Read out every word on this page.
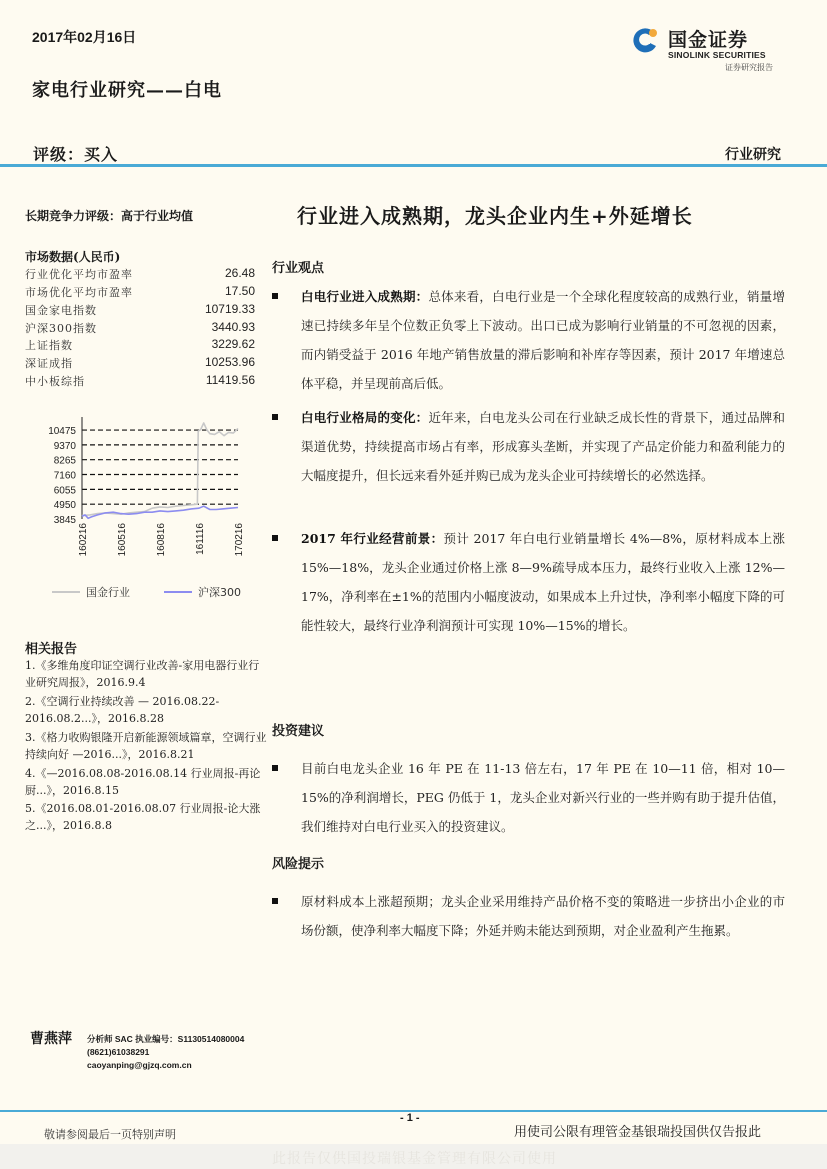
2017年02月16日
家电行业研究——白电
评级：买入	行业研究
国金证券
SINOLINK SECURITIES
证券研究报告
长期竞争力评级：高于行业均值
市场数据(人民币)
行业优化平均市盈率	26.48
市场优化平均市盈率	17.50
国金家电指数	10719.33
沪深300指数	3440.93
上证指数	3229.62
深证成指	10253.96
中小板综指	11419.56
3845
4950
6055
7160
8265
9370
10475
160216	160516	160816	161116	170216
国金行业	沪深300
相关报告
1.《多维角度印证空调行业改善-家用电器行业行业研究周报》，2016.9.4
2.《空调行业持续改善 — 2016.08.22-2016.08.2...》，2016.8.28
3.《格力收购银隆开启新能源领域篇章，空调行业持续向好 —2016...》，2016.8.21
4.《—2016.08.08-2016.08.14 行业周报-再论厨...》，2016.8.15
5.《2016.08.01-2016.08.07 行业周报-论大涨之...》，2016.8.8
行业进入成熟期，龙头企业内生+外延增长
行业观点
白电行业进入成熟期：总体来看，白电行业是一个全球化程度较高的成熟行业，销量增速已持续多年呈个位数正负零上下波动。出口已成为影响行业销量的不可忽视的因素，而内销受益于 2016 年地产销售放量的滞后影响和补库存等因素，预计 2017 年增速总体平稳，并呈现前高后低。
白电行业格局的变化：近年来，白电龙头公司在行业缺乏成长性的背景下，通过品牌和渠道优势，持续提高市场占有率，形成寡头垄断，并实现了产品定价能力和盈利能力的大幅度提升，但长远来看外延并购已成为龙头企业可持续增长的必然选择。
2017 年行业经营前景：预计 2017 年白电行业销量增长 4%—8%，原材料成本上涨 15%—18%，龙头企业通过价格上涨 8—9%疏导成本压力，最终行业收入上涨 12%—17%，净利率在±1%的范围内小幅度波动，如果成本上升过快，净利率小幅度下降的可能性较大，最终行业净利润预计可实现 10%—15%的增长。
投资建议
目前白电龙头企业 16 年 PE 在 11-13 倍左右，17 年 PE 在 10—11 倍，相对 10—15%的净利润增长，PEG 仍低于 1，龙头企业对新兴行业的一些并购有助于提升估值，我们维持对白电行业买入的投资建议。
风险提示
原材料成本上涨超预期；龙头企业采用维持产品价格不变的策略进一步挤出小企业的市场份额，使净利率大幅度下降；外延并购未能达到预期，对企业盈利产生拖累。
曹燕萍 分析师 SAC 执业编号：S1130514080004
(8621)61038291
caoyanping@gjzq.com.cn
- 1 -
敬请参阅最后一页特别声明	用使司公限有理管金基银瑞投国供仅告报此
此报告仅供国投瑞银基金管理有限公司使用
